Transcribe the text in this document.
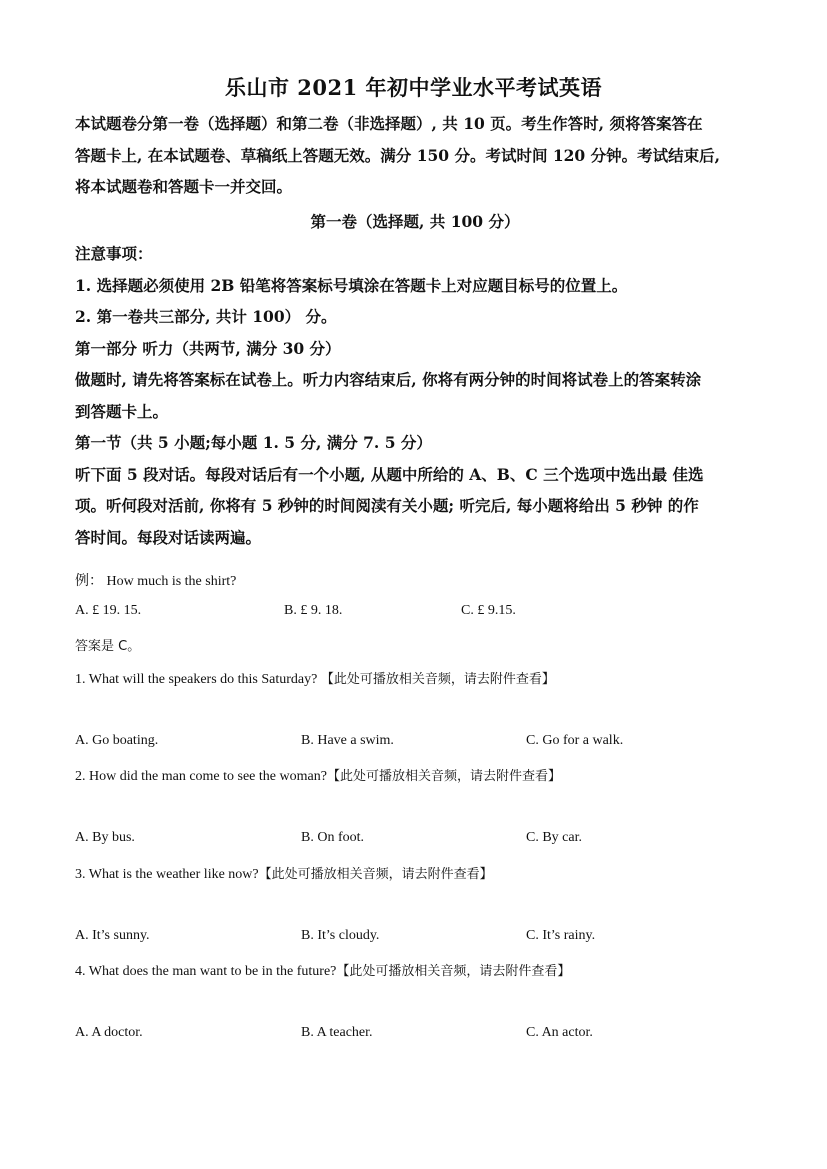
乐山市 2021 年初中学业水平考试英语
本试题卷分第一卷（选择题）和第二卷（非选择题）, 共 10 页。考生作答时, 须将答案答在
答题卡上, 在本试题卷、草稿纸上答题无效。满分 150 分。考试时间 120 分钟。考试结束后,
将本试题卷和答题卡一并交回。
第一卷（选择题, 共 100 分）
注意事项：
1. 选择题必须使用 2B 铅笔将答案标号填涂在答题卡上对应题目标号的位置上。
2. 第一卷共三部分, 共计 100） 分。
第一部分 听力（共两节, 满分 30 分）
做题时, 请先将答案标在试卷上。听力内容结束后, 你将有两分钟的时间将试卷上的答案转涂
到答题卡上。
第一节（共 5 小题;每小题 1. 5 分, 满分 7. 5 分）
听下面 5 段对话。每段对话后有一个小题, 从题中所给的 A、B、C 三个选项中选出最 佳选
项。听何段对活前, 你将有 5 秒钟的时间阅渎有关小题; 听完后, 每小题将给出 5 秒钟 的作
答时间。每段对话读两遍。
例： How much is the shirt?
A. £ 19. 15.	B. £ 9. 18.	C. £ 9.15.
答案是 C。
1. What will the speakers do this Saturday? 【此处可播放相关音频，请去附件查看】
A. Go boating.	B. Have a swim.	C. Go for a walk.
2. How did the man come to see the woman?【此处可播放相关音频，请去附件查看】
A. By bus.	B. On foot.	C. By car.
3. What is the weather like now?【此处可播放相关音频，请去附件查看】
A. It’s sunny.	B. It’s cloudy.	C. It’s rainy.
4. What does the man want to be in the future?【此处可播放相关音频，请去附件查看】
A. A doctor.	B. A teacher.	C. An actor.
